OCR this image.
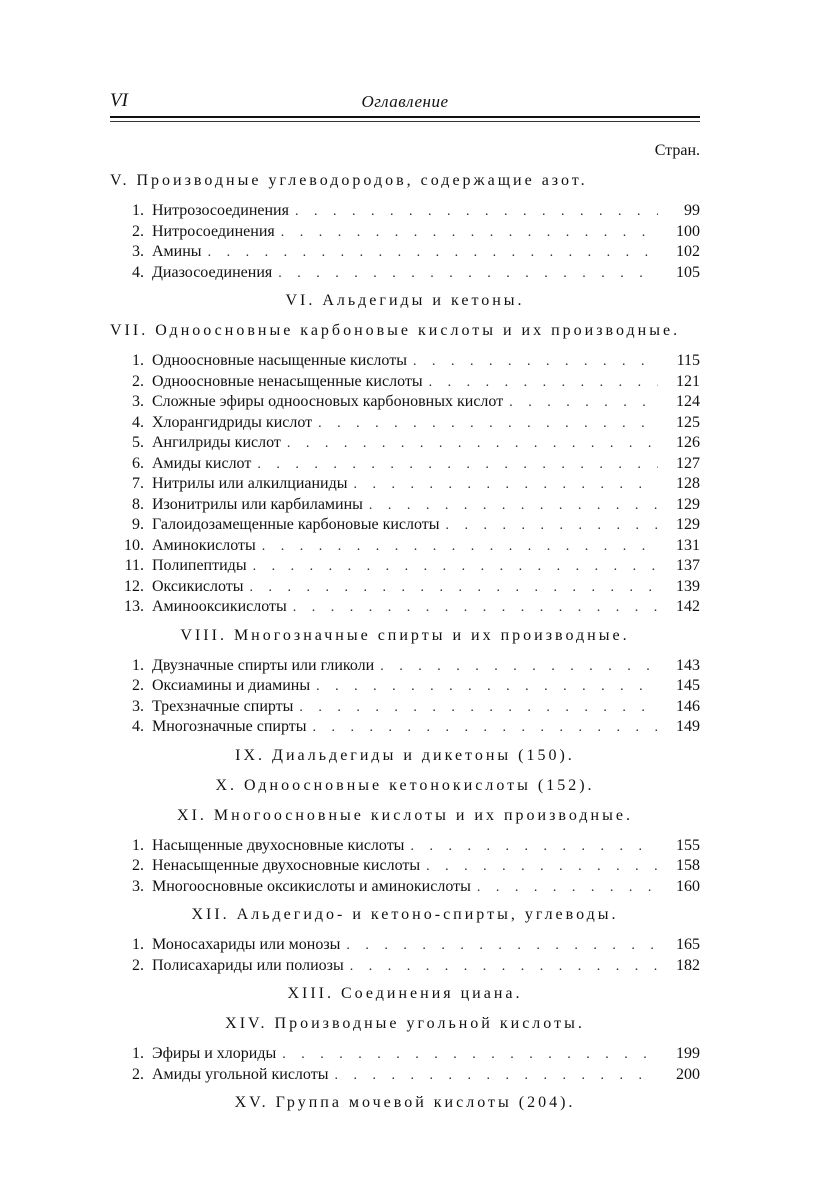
VI	Оглавление
Стран.
V. Производные углеводородов, содержащие азот.
1. Нитрозосоединения . . .	99
2. Нитросоединения . . .	100
3. Амины . . .	102
4. Диазосоединения . . .	105
VI. Альдегиды и кетоны.
VII. Одноосновные карбоновые кислоты и их производные.
1. Одноосновные насыщенные кислоты . . .	115
2. Одноосновные ненасыщенные кислоты . . .	121
3. Сложные эфиры одноосновых карбоновных кислот . . .	124
4. Хлорангидриды кислот . . .	125
5. Ангилриды кислот . . .	126
6. Амиды кислот . . .	127
7. Нитрилы или алкилцианиды . . .	128
8. Изонитрилы или карбиламины . . .	129
9. Галоидозамещенные карбоновые кислоты . . .	129
10. Аминокислоты . . .	131
11. Полипептиды . . .	137
12. Оксикислоты . . .	139
13. Аминооксикислоты . . .	142
VIII. Многозначные спирты и их производные.
1. Двузначные спирты или гликоли . . .	143
2. Оксиамины и диамины . . .	145
3. Трехзначные спирты . . .	146
4. Многозначные спирты . . .	149
IX. Диальдегиды и дикетоны (150).
X. Одноосновные кетонокислоты (152).
XI. Многоосновные кислоты и их производные.
1. Насыщенные двухосновные кислоты . . .	155
2. Ненасыщенные двухосновные кислоты . . .	158
3. Многоосновные оксикислоты и аминокислоты . . .	160
XII. Альдегидо- и кетоно-спирты, углеводы.
1. Моносахариды или монозы . . .	165
2. Полисахариды или полиозы . . .	182
XIII. Соединения циана.
XIV. Производные угольной кислоты.
1. Эфиры и хлориды . . .	199
2. Амиды угольной кислоты . . .	200
XV. Группа мочевой кислоты (204).
